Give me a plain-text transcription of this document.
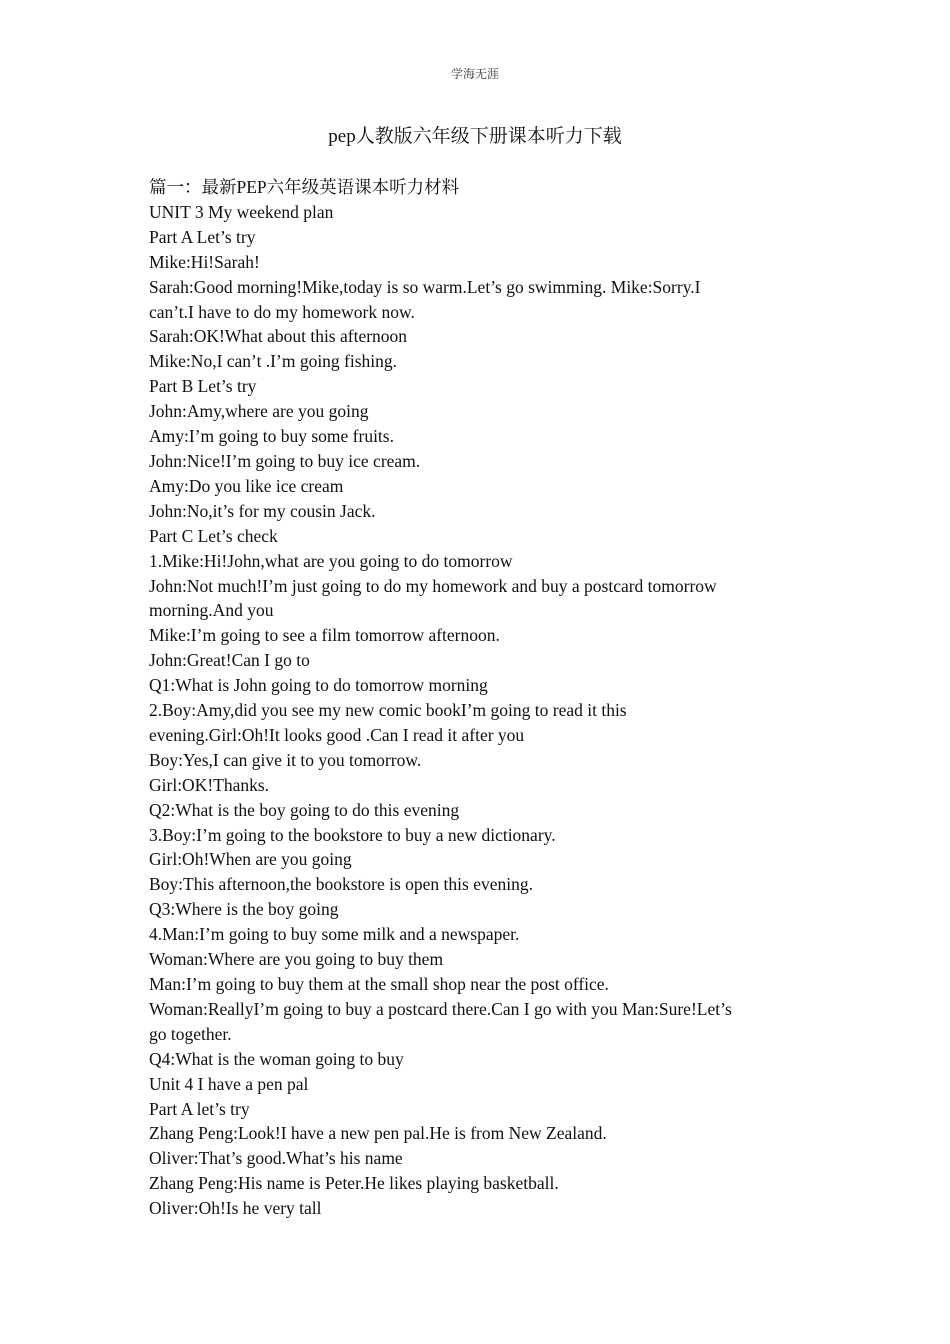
学海无涯
pep人教版六年级下册课本听力下载
篇一：最新PEP六年级英语课本听力材料
UNIT 3 My weekend plan
Part A Let’s try
Mike:Hi!Sarah!
Sarah:Good morning!Mike,today is so warm.Let’s go swimming. Mike:Sorry.I
can’t.I have to do my homework now.
Sarah:OK!What about this afternoon
Mike:No,I can’t .I’m going fishing.
Part B Let’s try
John:Amy,where are you going
Amy:I’m going to buy some fruits.
John:Nice!I’m going to buy ice cream.
Amy:Do you like ice cream
John:No,it’s for my cousin Jack.
Part C Let’s check
1.Mike:Hi!John,what are you going to do tomorrow
John:Not much!I’m just going to do my homework and buy a postcard tomorrow
morning.And you
Mike:I’m going to see a film tomorrow afternoon.
John:Great!Can I go to
Q1:What is John going to do tomorrow morning
2.Boy:Amy,did you see my new comic bookI’m going to read it this
evening.Girl:Oh!It looks good .Can I read it after you
Boy:Yes,I can give it to you tomorrow.
Girl:OK!Thanks.
Q2:What is the boy going to do this evening
3.Boy:I’m going to the bookstore to buy a new dictionary.
Girl:Oh!When are you going
Boy:This afternoon,the bookstore is open this evening.
Q3:Where is the boy going
4.Man:I’m going to buy some milk and a newspaper.
Woman:Where are you going to buy them
Man:I’m going to buy them at the small shop near the post office.
Woman:ReallyI’m going to buy a postcard there.Can I go with you Man:Sure!Let’s
go together.
Q4:What is the woman going to buy
Unit 4 I have a pen pal
Part A let’s try
Zhang Peng:Look!I have a new pen pal.He is from New Zealand.
Oliver:That’s good.What’s his name
Zhang Peng:His name is Peter.He likes playing basketball.
Oliver:Oh!Is he very tall
